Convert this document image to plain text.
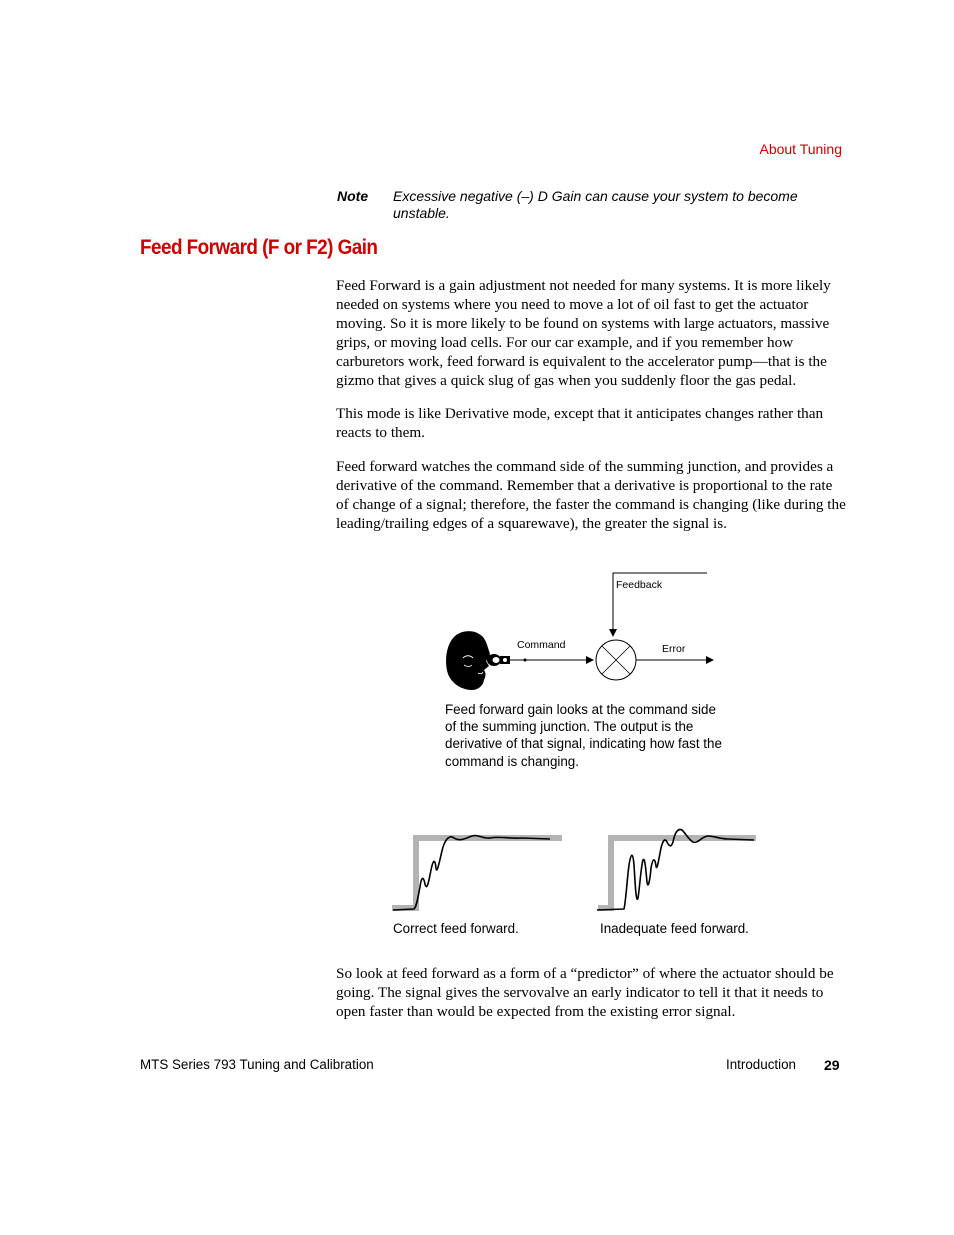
About Tuning
Note Excessive negative (–) D Gain can cause your system to become unstable.
Feed Forward (F or F2) Gain

Feed Forward is a gain adjustment not needed for many systems. It is more likely needed on systems where you need to move a lot of oil fast to get the actuator moving. So it is more likely to be found on systems with large actuators, massive grips, or moving load cells. For our car example, and if you remember how carburetors work, feed forward is equivalent to the accelerator pump—that is the gizmo that gives a quick slug of gas when you suddenly floor the gas pedal.

This mode is like Derivative mode, except that it anticipates changes rather than reacts to them.

Feed forward watches the command side of the summing junction, and provides a derivative of the command. Remember that a derivative is proportional to the rate of change of a signal; therefore, the faster the command is changing (like during the leading/trailing edges of a squarewave), the greater the signal is.

Feedback
Command	Error
Feed forward gain looks at the command side of the summing junction. The output is the derivative of that signal, indicating how fast the command is changing.
Correct feed forward.	Inadequate feed forward.

So look at feed forward as a form of a “predictor” of where the actuator should be going. The signal gives the servovalve an early indicator to tell it that it needs to open faster than would be expected from the existing error signal.

MTS Series 793 Tuning and Calibration	Introduction 29
